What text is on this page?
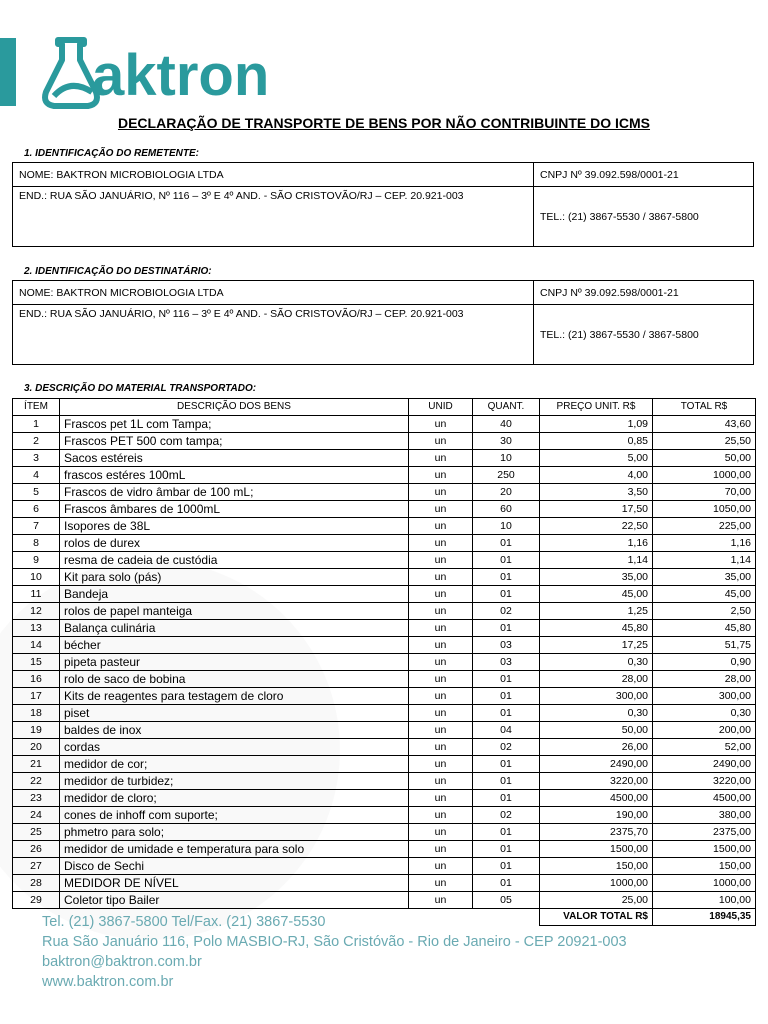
aktron
DECLARAÇÃO DE TRANSPORTE DE BENS POR NÃO CONTRIBUINTE DO ICMS
1. IDENTIFICAÇÃO DO REMETENTE:
NOME: BAKTRON MICROBIOLOGIA LTDA	CNPJ Nº 39.092.598/0001-21
END.: RUA SÃO JANUÁRIO, Nº 116 – 3º E 4º AND. - SÃO CRISTOVÃO/RJ – CEP. 20.921-003	TEL.: (21) 3867-5530 / 3867-5800
2. IDENTIFICAÇÃO DO DESTINATÁRIO:
NOME: BAKTRON MICROBIOLOGIA LTDA	CNPJ Nº 39.092.598/0001-21
END.: RUA SÃO JANUÁRIO, Nº 116 – 3º E 4º AND. - SÃO CRISTOVÃO/RJ – CEP. 20.921-003	TEL.: (21) 3867-5530 / 3867-5800
3. DESCRIÇÃO DO MATERIAL TRANSPORTADO:
ÍTEM	DESCRIÇÃO DOS BENS	UNID	QUANT.	PREÇO UNIT. R$	TOTAL R$
1	Frascos pet 1L com Tampa;	un	40	1,09	43,60
2	Frascos PET 500 com tampa;	un	30	0,85	25,50
3	Sacos estéreis	un	10	5,00	50,00
4	frascos estéres 100mL	un	250	4,00	1000,00
5	Frascos de vidro âmbar de 100 mL;	un	20	3,50	70,00
6	Frascos âmbares de 1000mL	un	60	17,50	1050,00
7	Isopores de 38L	un	10	22,50	225,00
8	rolos de durex	un	01	1,16	1,16
9	resma de cadeia de custódia	un	01	1,14	1,14
10	Kit para solo (pás)	un	01	35,00	35,00
11	Bandeja	un	01	45,00	45,00
12	rolos de papel manteiga	un	02	1,25	2,50
13	Balança culinária	un	01	45,80	45,80
14	bécher	un	03	17,25	51,75
15	pipeta pasteur	un	03	0,30	0,90
16	rolo de saco de bobina	un	01	28,00	28,00
17	Kits de reagentes para testagem de cloro	un	01	300,00	300,00
18	piset	un	01	0,30	0,30
19	baldes de inox	un	04	50,00	200,00
20	cordas	un	02	26,00	52,00
21	medidor de cor;	un	01	2490,00	2490,00
22	medidor de turbidez;	un	01	3220,00	3220,00
23	medidor de cloro;	un	01	4500,00	4500,00
24	cones de inhoff com suporte;	un	02	190,00	380,00
25	phmetro para solo;	un	01	2375,70	2375,00
26	medidor de umidade e temperatura para solo	un	01	1500,00	1500,00
27	Disco de Sechi	un	01	150,00	150,00
28	MEDIDOR DE NÍVEL	un	01	1000,00	1000,00
29	Coletor tipo Bailer	un	05	25,00	100,00
				VALOR TOTAL R$	18945,35
Tel. (21) 3867-5800 Tel/Fax. (21) 3867-5530
Rua São Januário 116, Polo MASBIO-RJ, São Cristóvão - Rio de Janeiro - CEP 20921-003
baktron@baktron.com.br
www.baktron.com.br
